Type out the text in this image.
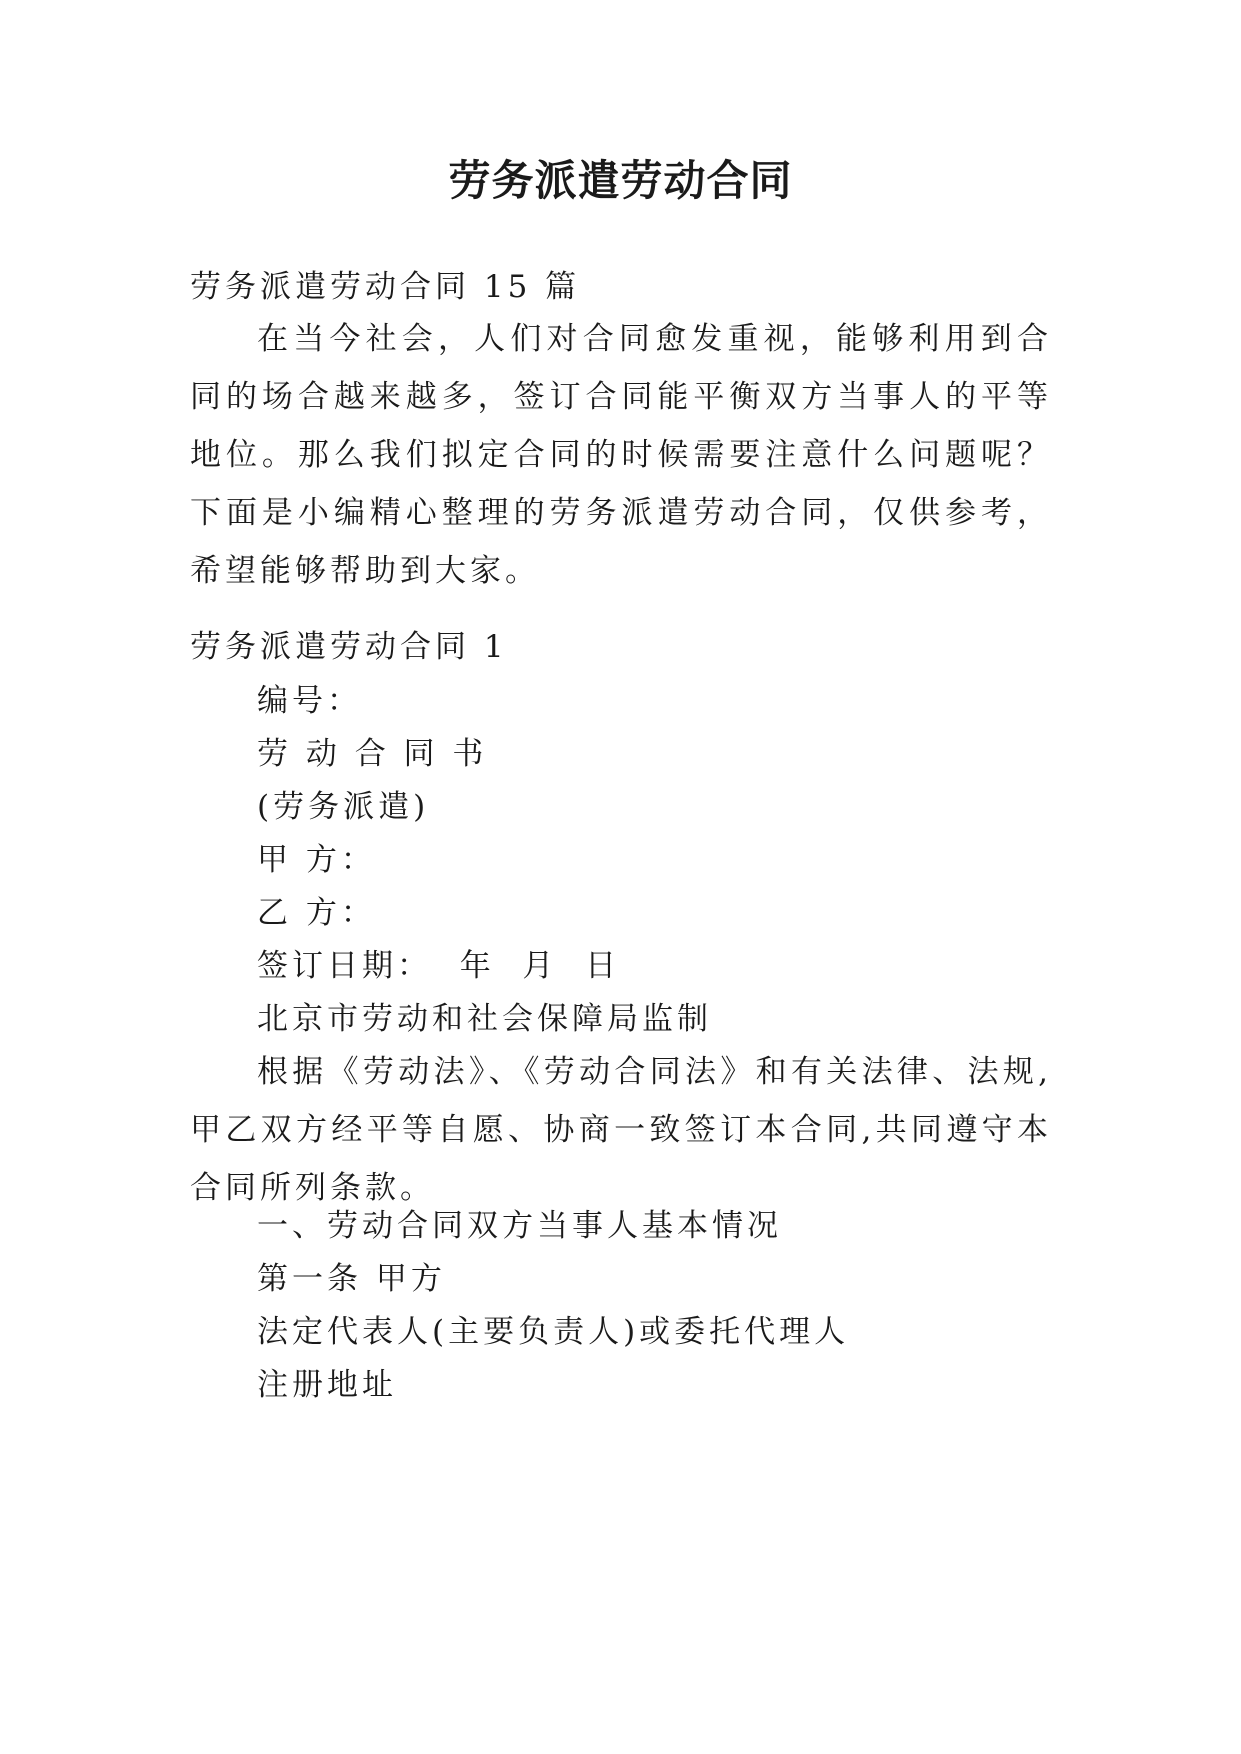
劳务派遣劳动合同

劳务派遣劳动合同 15 篇

在当今社会，人们对合同愈发重视，能够利用到合同的场合越来越多，签订合同能平衡双方当事人的平等地位。那么我们拟定合同的时候需要注意什么问题呢？下面是小编精心整理的劳务派遣劳动合同，仅供参考，希望能够帮助到大家。

劳务派遣劳动合同 1

编号：

劳 动 合 同 书

(劳务派遣)

甲 方：

乙 方：

签订日期：  年  月  日

北京市劳动和社会保障局监制

根据《劳动法》、《劳动合同法》和有关法律、法规,甲乙双方经平等自愿、协商一致签订本合同,共同遵守本合同所列条款。

一、劳动合同双方当事人基本情况

第一条 甲方

法定代表人(主要负责人)或委托代理人

注册地址
